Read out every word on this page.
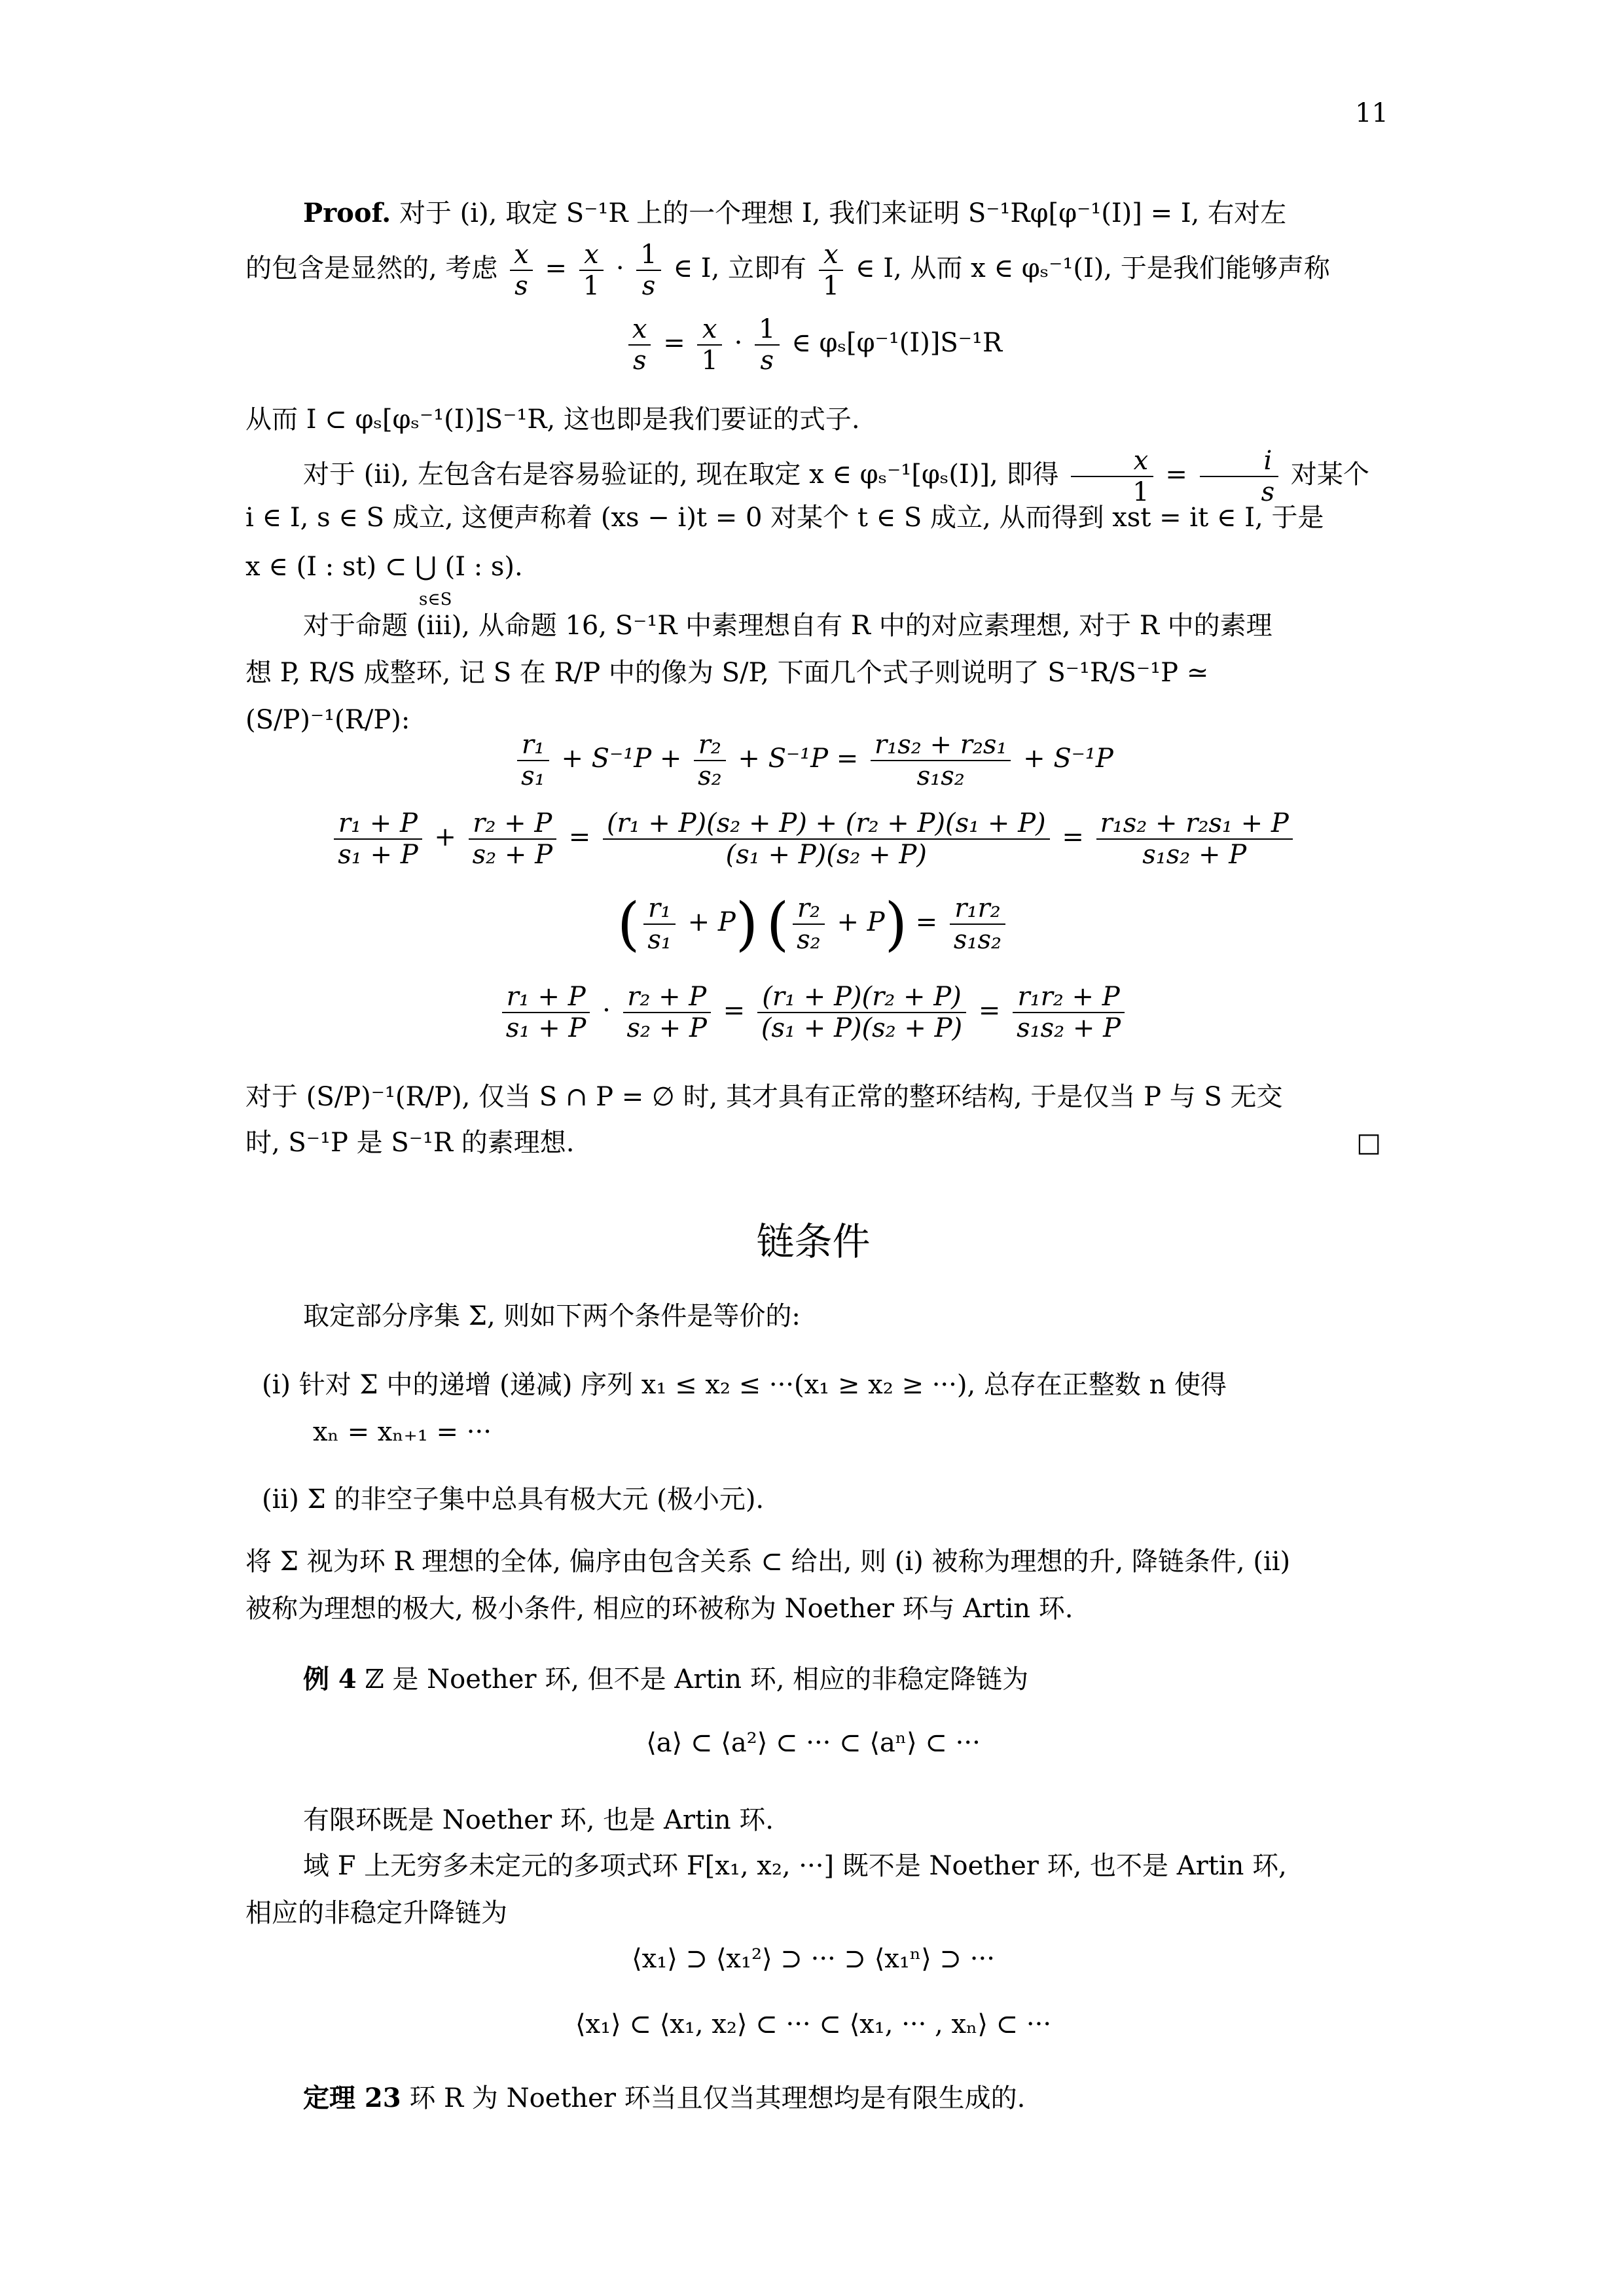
11
Proof. 对于 (i), 取定 S⁻¹R 上的一个理想 I, 我们来证明 S⁻¹Rφ[φ⁻¹(I)] = I, 右对左
的包含是显然的, 考虑 $\frac{x}{s} = \frac{x}{1} \cdot \frac{1}{s}$ ∈ I, 立即有 $\frac{x}{1}$ ∈ I, 从而 x ∈ φₛ⁻¹(I), 于是我们能够声称
$\frac{x}{s} = \frac{x}{1} \cdot \frac{1}{s}$ ∈ φₛ[φ⁻¹(I)]S⁻¹R
从而 I ⊂ φₛ[φₛ⁻¹(I)]S⁻¹R, 这也即是我们要证的式子.
对于 (ii), 左包含右是容易验证的, 现在取定 x ∈ φₛ⁻¹[φₛ(I)], 即得 $\frac{x}{1} = \frac{i}{s}$ 对某个
i ∈ I, s ∈ S 成立, 这便声称着 (xs − i)t = 0 对某个 t ∈ S 成立, 从而得到 xst = it ∈ I, 于是
x ∈ (I : st) ⊂ ⋃ (I : s).
s∈S
对于命题 (iii), 从命题 16, S⁻¹R 中素理想自有 R 中的对应素理想, 对于 R 中的素理
想 P, R/S 成整环, 记 S 在 R/P 中的像为 S/P, 下面几个式子则说明了 S⁻¹R/S⁻¹P ≃
(S/P)⁻¹(R/P):
$\frac{\text{r₁}}{\text{s₁}} + S^{-1}P + \frac{\text{r₂}}{\text{s₂}} + S^{-1}P = \frac{\text{r₁s₂ + r₂s₁}}{\text{s₁s₂}} + S^{-1}P$
$\frac{\text{r₁ + P}}{\text{s₁ + P}} + \frac{\text{r₂ + P}}{\text{s₂ + P}} = \frac{\text{(r₁ + P)(s₂ + P) + (r₂ + P)(s₁ + P)}}{\text{(s₁ + P)(s₂ + P)}} = \frac{\text{r₁s₂ + r₂s₁ + P}}{\text{s₁s₂ + P}}$
( $\frac{\text{r₁}}{\text{s₁}} + P$) ( $\frac{\text{r₂}}{\text{s₂}} + P) = \frac{\text{r₁r₂}}{\text{s₁s₂}}$
$\frac{\text{r₁ + P}}{\text{s₁ + P}} \cdot \frac{\text{r₂ + P}}{\text{s₂ + P}} = \frac{\text{(r₁ + P)(r₂ + P)}}{\text{(s₁ + P)(s₂ + P)}} = \frac{\text{r₁r₂ + P}}{\text{s₁s₂ + P}}$
对于 (S/P)⁻¹(R/P), 仅当 S ∩ P = ∅ 时, 其才具有正常的整环结构, 于是仅当 P 与 S 无交
时, S⁻¹P 是 S⁻¹R 的素理想.	□
链条件
取定部分序集 Σ, 则如下两个条件是等价的:
(i) 针对 Σ 中的递增 (递减) 序列 x₁ ≤ x₂ ≤ ···(x₁ ≥ x₂ ≥ ···), 总存在正整数 n 使得
xₙ = xₙ₊₁ = ···
(ii) Σ 的非空子集中总具有极大元 (极小元).
将 Σ 视为环 R 理想的全体, 偏序由包含关系 ⊂ 给出, 则 (i) 被称为理想的升, 降链条件, (ii)
被称为理想的极大, 极小条件, 相应的环被称为 Noether 环与 Artin 环.
例 4 ℤ 是 Noether 环, 但不是 Artin 环, 相应的非稳定降链为
⟨a⟩ ⊂ ⟨a²⟩ ⊂ ··· ⊂ ⟨aⁿ⟩ ⊂ ···
有限环既是 Noether 环, 也是 Artin 环.
域 F 上无穷多未定元的多项式环 F[x₁, x₂, ···] 既不是 Noether 环, 也不是 Artin 环,
相应的非稳定升降链为
⟨x₁⟩ ⊃ ⟨x₁²⟩ ⊃ ··· ⊃ ⟨x₁ⁿ⟩ ⊃ ···
⟨x₁⟩ ⊂ ⟨x₁, x₂⟩ ⊂ ··· ⊂ ⟨x₁, ··· , xₙ⟩ ⊂ ···
定理 23 环 R 为 Noether 环当且仅当其理想均是有限生成的.
